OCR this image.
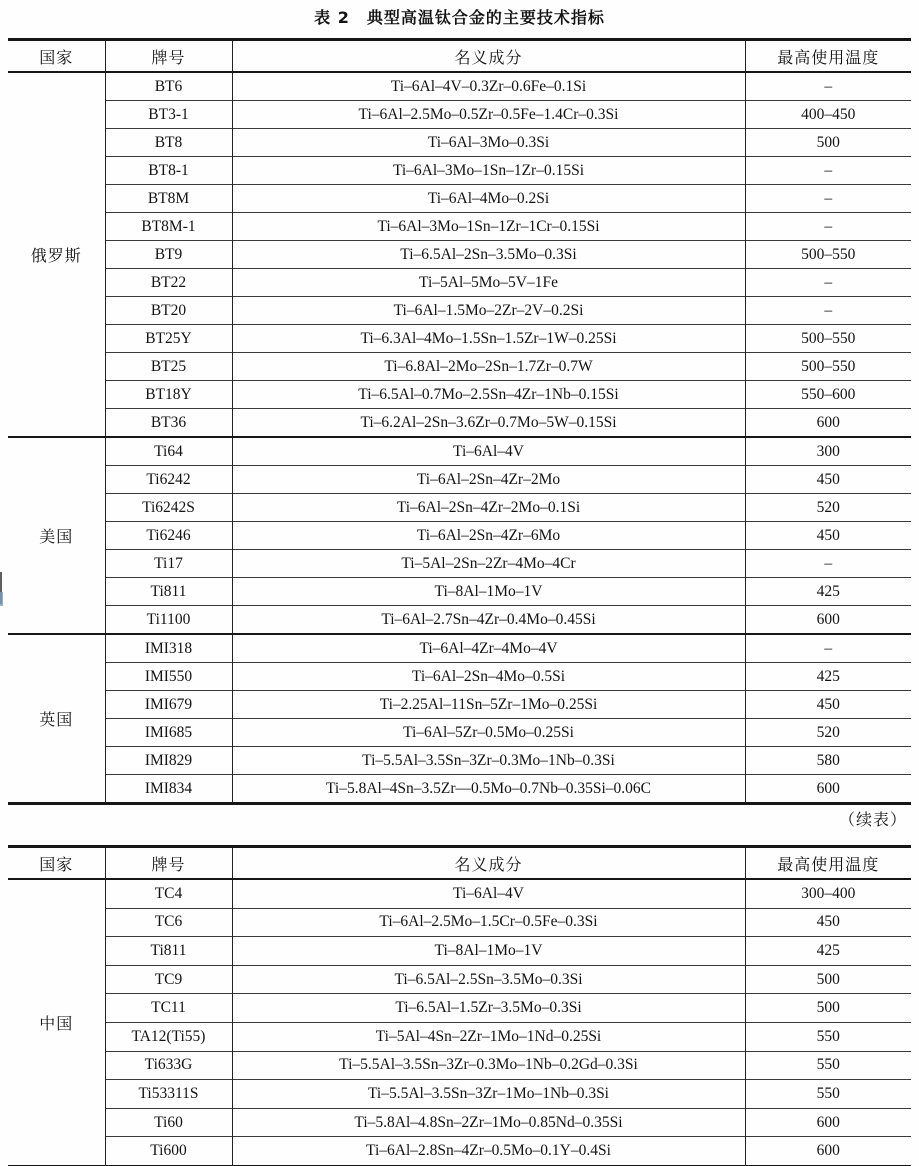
表 2　典型高温钛合金的主要技术指标
国家	牌号	名义成分	最高使用温度
俄罗斯	BT6	Ti–6Al–4V–0.3Zr–0.6Fe–0.1Si	–
	BT3-1	Ti–6Al–2.5Mo–0.5Zr–0.5Fe–1.4Cr–0.3Si	400–450
	BT8	Ti–6Al–3Mo–0.3Si	500
	BT8-1	Ti–6Al–3Mo–1Sn–1Zr–0.15Si	–
	BT8M	Ti–6Al–4Mo–0.2Si	–
	BT8M-1	Ti–6Al–3Mo–1Sn–1Zr–1Cr–0.15Si	–
	BT9	Ti–6.5Al–2Sn–3.5Mo–0.3Si	500–550
	BT22	Ti–5Al–5Mo–5V–1Fe	–
	BT20	Ti–6Al–1.5Mo–2Zr–2V–0.2Si	–
	BT25Y	Ti–6.3Al–4Mo–1.5Sn–1.5Zr–1W–0.25Si	500–550
	BT25	Ti–6.8Al–2Mo–2Sn–1.7Zr–0.7W	500–550
	BT18Y	Ti–6.5Al–0.7Mo–2.5Sn–4Zr–1Nb–0.15Si	550–600
	BT36	Ti–6.2Al–2Sn–3.6Zr–0.7Mo–5W–0.15Si	600
美国	Ti64	Ti–6Al–4V	300
	Ti6242	Ti–6Al–2Sn–4Zr–2Mo	450
	Ti6242S	Ti–6Al–2Sn–4Zr–2Mo–0.1Si	520
	Ti6246	Ti–6Al–2Sn–4Zr–6Mo	450
	Ti17	Ti–5Al–2Sn–2Zr–4Mo–4Cr	–
	Ti811	Ti–8Al–1Mo–1V	425
	Ti1100	Ti–6Al–2.7Sn–4Zr–0.4Mo–0.45Si	600
英国	IMI318	Ti–6Al–4Zr–4Mo–4V	–
	IMI550	Ti–6Al–2Sn–4Mo–0.5Si	425
	IMI679	Ti–2.25Al–11Sn–5Zr–1Mo–0.25Si	450
	IMI685	Ti–6Al–5Zr–0.5Mo–0.25Si	520
	IMI829	Ti–5.5Al–3.5Sn–3Zr–0.3Mo–1Nb–0.3Si	580
	IMI834	Ti–5.8Al–4Sn–3.5Zr––0.5Mo–0.7Nb–0.35Si–0.06C	600
（续表）
国家	牌号	名义成分	最高使用温度
中国	TC4	Ti–6Al–4V	300–400
	TC6	Ti–6Al–2.5Mo–1.5Cr–0.5Fe–0.3Si	450
	Ti811	Ti–8Al–1Mo–1V	425
	TC9	Ti–6.5Al–2.5Sn–3.5Mo–0.3Si	500
	TC11	Ti–6.5Al–1.5Zr–3.5Mo–0.3Si	500
	TA12(Ti55)	Ti–5Al–4Sn–2Zr–1Mo–1Nd–0.25Si	550
	Ti633G	Ti–5.5Al–3.5Sn–3Zr–0.3Mo–1Nb–0.2Gd–0.3Si	550
	Ti53311S	Ti–5.5Al–3.5Sn–3Zr–1Mo–1Nb–0.3Si	550
	Ti60	Ti–5.8Al–4.8Sn–2Zr–1Mo–0.85Nd–0.35Si	600
	Ti600	Ti–6Al–2.8Sn–4Zr–0.5Mo–0.1Y–0.4Si	600
